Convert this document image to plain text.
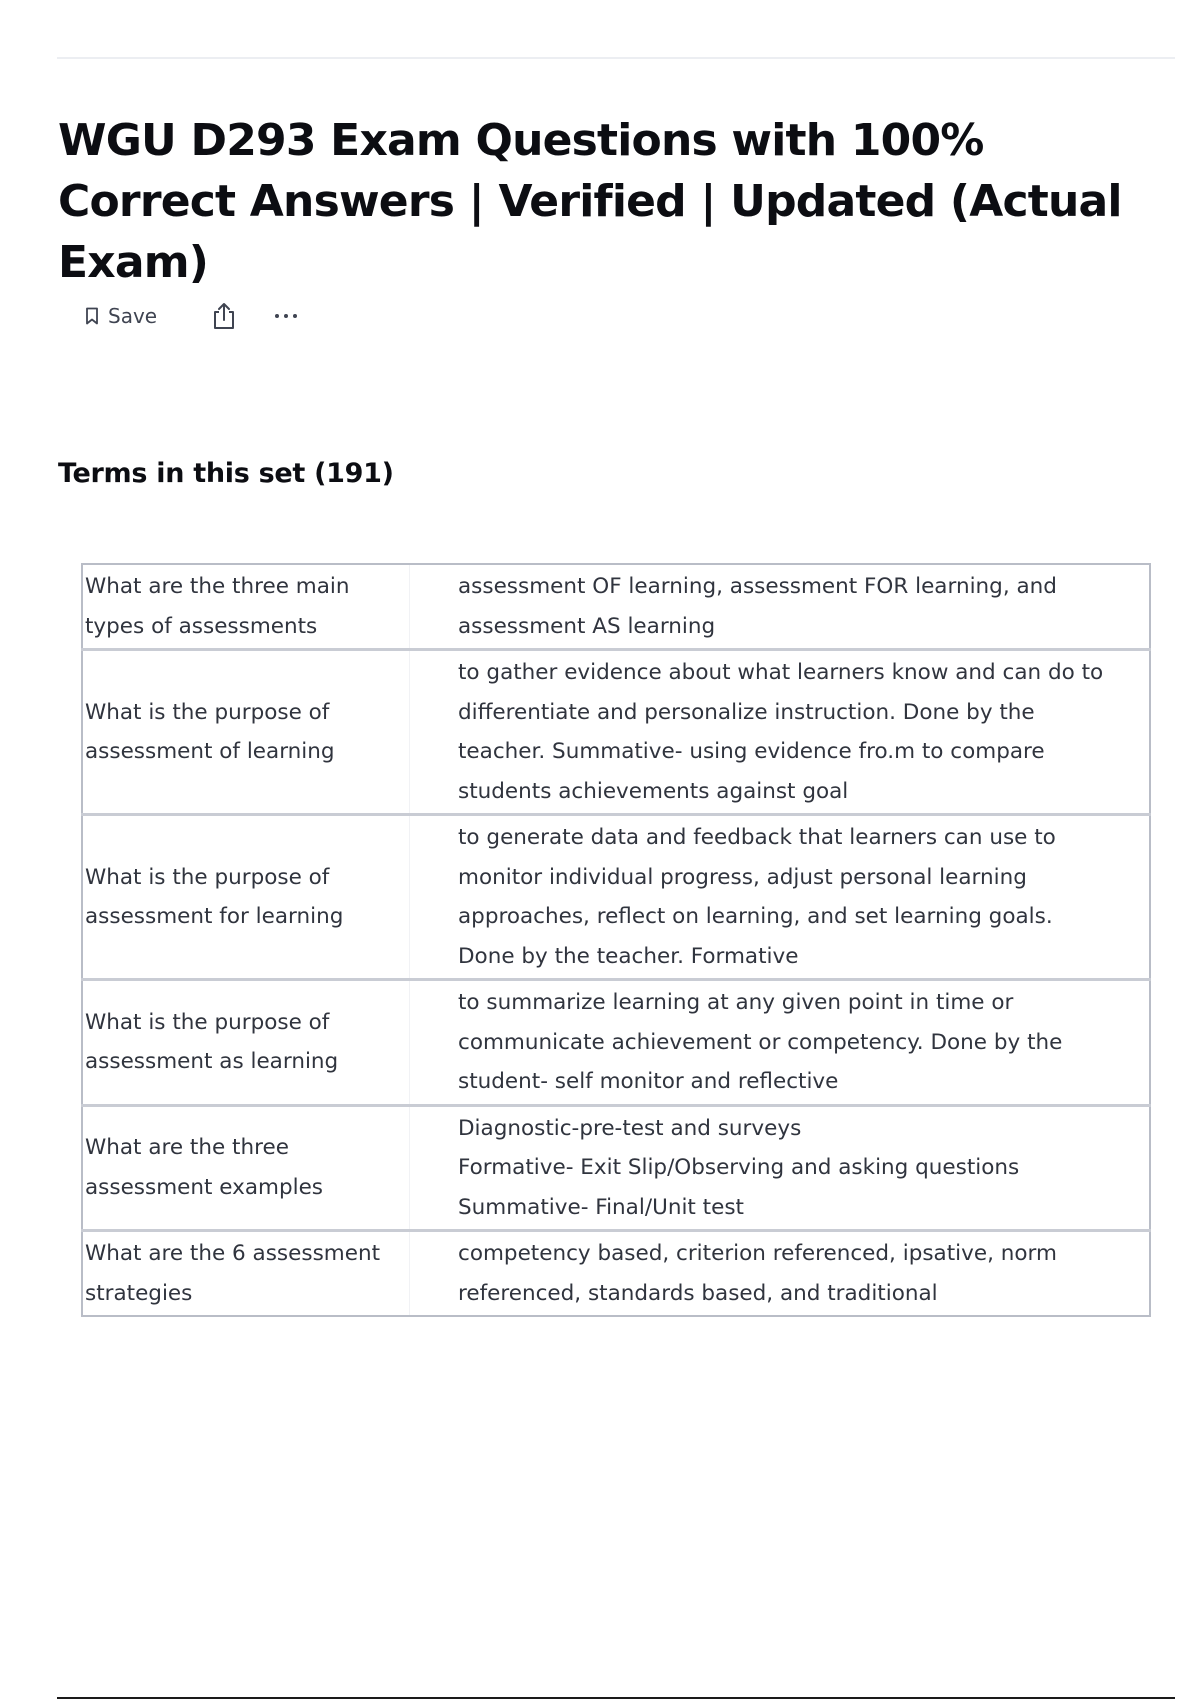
WGU D293 Exam Questions with 100% Correct Answers | Verified | Updated (Actual Exam)
Save
Terms in this set (191)
What are the three main types of assessments	assessment OF learning, assessment FOR learning, and assessment AS learning
What is the purpose of assessment of learning	to gather evidence about what learners know and can do to differentiate and personalize instruction. Done by the teacher. Summative- using evidence fro.m to compare students achievements against goal
What is the purpose of assessment for learning	to generate data and feedback that learners can use to monitor individual progress, adjust personal learning approaches, reflect on learning, and set learning goals. Done by the teacher. Formative
What is the purpose of assessment as learning	to summarize learning at any given point in time or communicate achievement or competency. Done by the student- self monitor and reflective
What are the three assessment examples	Diagnostic-pre-test and surveys
Formative- Exit Slip/Observing and asking questions
Summative- Final/Unit test

What are the 6 assessment strategies	competency based, criterion referenced, ipsative, norm referenced, standards based, and traditional
